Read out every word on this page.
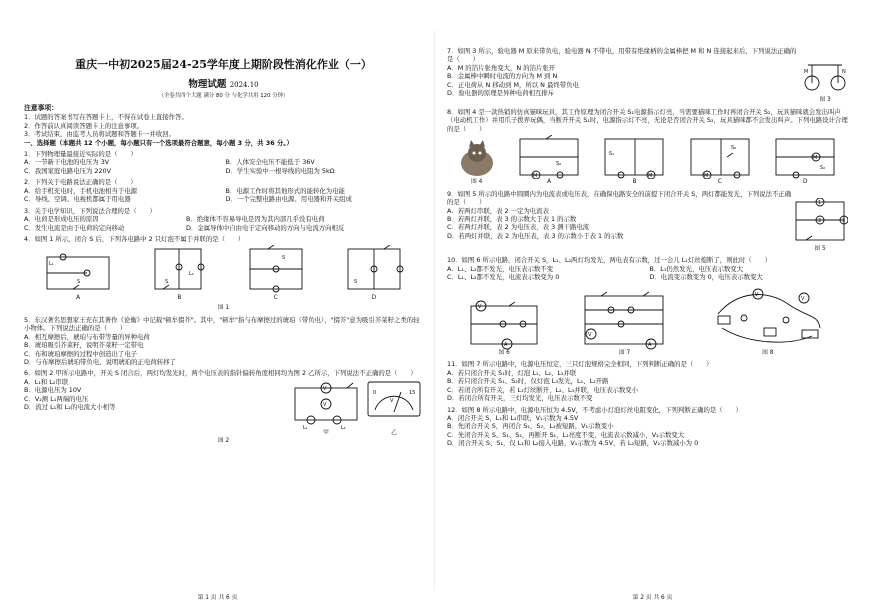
重庆一中初2025届24-25学年度上期阶段性消化作业（一）
物理试题 2024.10
（全卷共四个大题 满分 80 分 与化学共用 120 分钟）
注意事项：
1．试题的答案书写在答题卡上，不得在试卷上直接作答。
2．作答前认真阅读答题卡上的注意事项。
3．考试结束，由监考人员将试题和答题卡一并收回。
一、选择题（本题共 12 个小题，每小题只有一个选项最符合题意，每小题 3 分，共 36 分。）
1．下列物理量最接近实际的是（　　）
A．一节新干电池的电压为 3V	B．人体安全电压不能低于 36V
C．我国家庭电路电压为 220V	D．学生实验中一根导线的电阻为 5kΩ
2．下列关于电路说法正确的是（　　）
A．给手机充电时，手机电池相当于电源	B．电源工作时将其他形式的能转化为电能
C．导线、空调、电视机都属于用电器	D．一个完整电路由电源、用电器和开关组成
3．关于电学知识，下列说法合理的是（　　）
A．电荷是形成电压的原因	B．绝缘体不容易导电是因为其内部几乎没有电荷
C．发生电流是由于电荷的定向移动	D．金属导体中自由电子定向移动的方向与电流方向相反
4．如图 1 所示，闭合 S 后，下列各电路中 2 只灯泡不属于并联的是（　　）
L₁
S
A
L₂
S
B
S
C
S
D
图 1
5．东汉著名思想家王充在其著作《论衡》中记载"顿牟掇芥"。其中，"顿牟"指与布摩擦过的琥珀（带负电），"掇芥"意为吸引芥菜籽之类的轻小物体。下列说法正确的是（　　）
A．相互摩擦后，琥珀与布带等量的异种电荷
B．琥珀吸引芥菜籽，说明芥菜籽一定带电
C．布和琥珀摩擦的过程中创造出了电子
D．与布摩擦后琥珀带负电，说明琥珀的正电荷转移了
6．如图 2 甲所示电路中，开关 S 闭合后，两灯均发光时，两个电压表的指针偏转角度相同均为图 2 乙所示，下列说法不正确的是（　　）
A．L₁和 L₂串联
B．电源电压为 10V
C．V₂测 L₁两端的电压
D．流过 L₁和 L₂的电流大小相等
V
V
L₁	L₂
甲
V
0	15
乙
图 2
第 1 页 共 6 页
7．如图 3 所示，验电器 M 原来带负电，验电器 N 不带电，用带有绝缘柄的金属棒把 M 和 N 连接起来后，下列说法正确的是（　　）
A．M 的箔片张角变大，N 的箔片张开
B．金属棒中瞬时电流的方向为 M 到 N
C．正电荷从 N 移动到 M，所以 N 最终带负电
D．验电器的原理是异种电荷相互排斥
M	N
图 3
8．如图 4 是一款热销的仿真猫咪玩具，其工作原理为闭合开关 S₁电源指示灯亮，当需要猫咪工作时再闭合开关 S₂，玩具猫咪就会发出叫声（电动机工作）并用爪子拨弄玩偶，当断开开关 S₁时，电源指示灯不亮，无论是否闭合开关 S₂，玩具猫咪都不会发出叫声。下列电路设计合理的是（　　）
图 4
M
S₂
A
M
S₁
B
M
S₂
C
M
S₂
D
9．如图 5 所示的电路中圆圈内为电流表或电压表，在确保电路安全的前提下闭合开关 S，两灯都能发光，下列说法不正确的是（　　）
A．若两灯串联，表 2 一定为电流表
B．若两灯并联，表 3 的示数大于表 1 的示数
C．若两灯并联，表 2 为电压表，表 3 测干路电流
D．若两灯并联，表 2 为电压表，表 3 的示数小于表 1 的示数
1
2	3
图 5
10．如图 6 所示电路，闭合开关 S，L₁、L₂两灯均发光，两电表有示数，过一会儿 L₁灯丝熄断了，则此时（　　）
A．L₁、L₂都不发光，电压表示数不变	B．L₁仍然发光，电压表示数变大
C．L₁、L₂都不发光，电流表示数变为 0	D．电流变示数变为 0，电压表示数变大
V
A
图 6
V
A
图 7
V
V
图 8
11．如图 7 所示电路中，电源电压恒定，三只灯泡规格完全相同，下列判断正确的是（　　）
A．若只闭合开关 S₁时，灯泡 L₁、L₂、L₃并联
B．若只闭合开关 S₁、S₂时，仅灯泡 L₃发光，L₁、L₂开路
C．若闭合所有开关，若 L₁灯丝断开，L₂、L₃并联，电压表示数变小
D．若闭合所有开关，三灯均发光，电压表示数不变
12．如图 8 所示电路中，电源电压恒为 4.5V，不考虑小灯泡灯丝电阻变化，下列判断正确的是（　　）
A．闭合开关 S，L₁和 L₂串联，V₁示数为 4.5V
B．先闭合开关 S，再闭合 S₁，S₂，L₂被短路，V₁示数变小
C．先闭合开关 S、S₁、S₂，再断开 S₁，L₂亮度不变，电流表示数减小，V₂示数变大
D．闭合开关 S、S₁，仅 L₁和 L₂接入电路，V₁示数为 4.5V，若 L₂短路，V₂示数减小为 0
第 2 页 共 6 页
